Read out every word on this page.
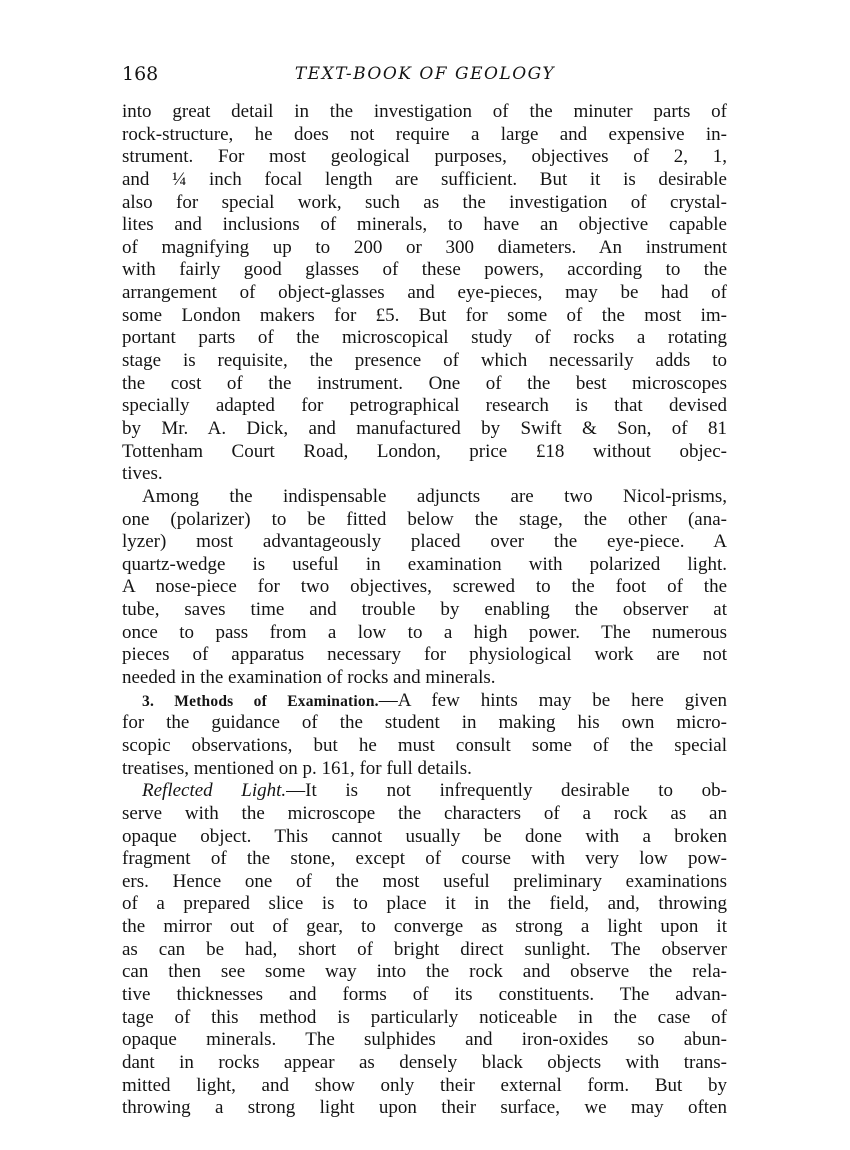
168	TEXT-BOOK OF GEOLOGY
into great detail in the investigation of the minuter parts of
rock-structure, he does not require a large and expensive in-
strument. For most geological purposes, objectives of 2, 1,
and ¼ inch focal length are sufficient. But it is desirable
also for special work, such as the investigation of crystal-
lites and inclusions of minerals, to have an objective capable
of magnifying up to 200 or 300 diameters. An instrument
with fairly good glasses of these powers, according to the
arrangement of object-glasses and eye-pieces, may be had of
some London makers for £5. But for some of the most im-
portant parts of the microscopical study of rocks a rotating
stage is requisite, the presence of which necessarily adds to
the cost of the instrument. One of the best microscopes
specially adapted for petrographical research is that devised
by Mr. A. Dick, and manufactured by Swift & Son, of 81
Tottenham Court Road, London, price £18 without objec-
tives.
Among the indispensable adjuncts are two Nicol-prisms,
one (polarizer) to be fitted below the stage, the other (ana-
lyzer) most advantageously placed over the eye-piece. A
quartz-wedge is useful in examination with polarized light.
A nose-piece for two objectives, screwed to the foot of the
tube, saves time and trouble by enabling the observer at
once to pass from a low to a high power. The numerous
pieces of apparatus necessary for physiological work are not
needed in the examination of rocks and minerals.
3. Methods of Examination.—A few hints may be here given
for the guidance of the student in making his own micro-
scopic observations, but he must consult some of the special
treatises, mentioned on p. 161, for full details.
Reflected Light.—It is not infrequently desirable to ob-
serve with the microscope the characters of a rock as an
opaque object. This cannot usually be done with a broken
fragment of the stone, except of course with very low pow-
ers. Hence one of the most useful preliminary examinations
of a prepared slice is to place it in the field, and, throwing
the mirror out of gear, to converge as strong a light upon it
as can be had, short of bright direct sunlight. The observer
can then see some way into the rock and observe the rela-
tive thicknesses and forms of its constituents. The advan-
tage of this method is particularly noticeable in the case of
opaque minerals. The sulphides and iron-oxides so abun-
dant in rocks appear as densely black objects with trans-
mitted light, and show only their external form. But by
throwing a strong light upon their surface, we may often
